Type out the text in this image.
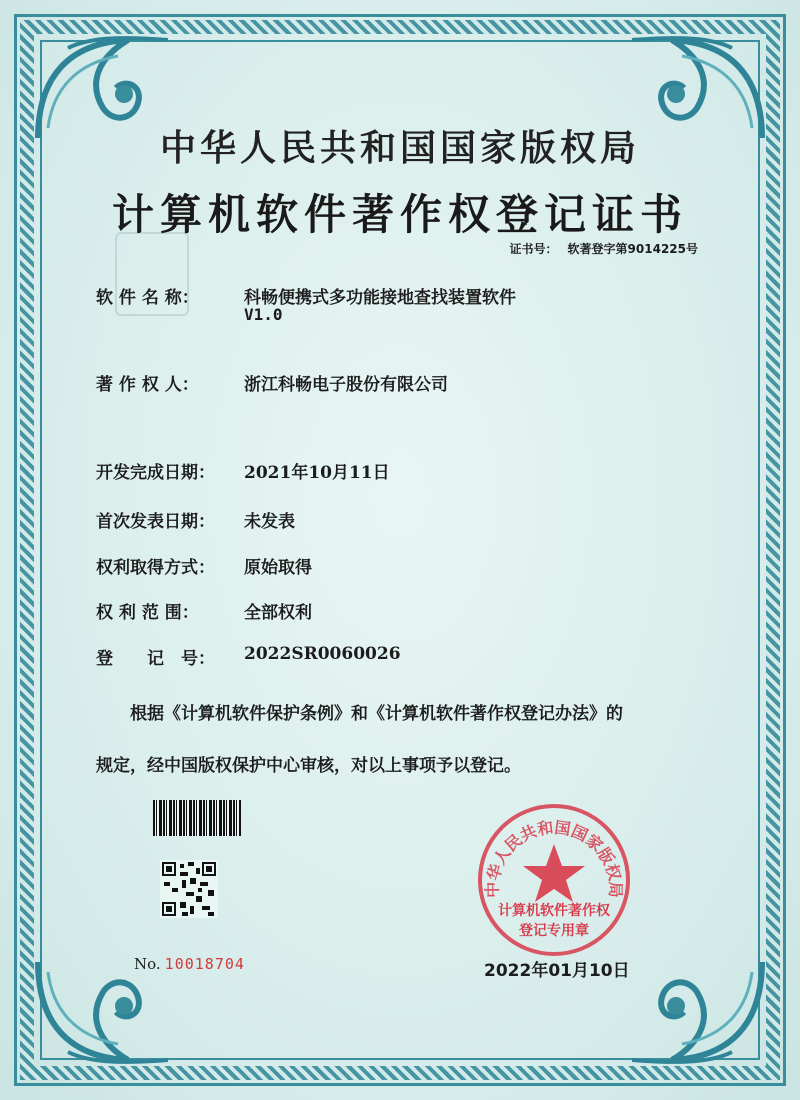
中华人民共和国国家版权局
计算机软件著作权登记证书
证书号： 软著登字第9014225号
软 件 名 称：	科畅便携式多功能接地查找装置软件
V1.0
著 作 权 人：	浙江科畅电子股份有限公司
开发完成日期： 2021年10月11日
首次发表日期： 未发表
权利取得方式： 原始取得
权 利 范 围：	全部权利
登　　记　号： 2022SR0060026
根据《计算机软件保护条例》和《计算机软件著作权登记办法》的
规定，经中国版权保护中心审核，对以上事项予以登记。
No. 10018704
中华人民共和国国家版权局
计算机软件著作权
登记专用章
2022年01月10日
